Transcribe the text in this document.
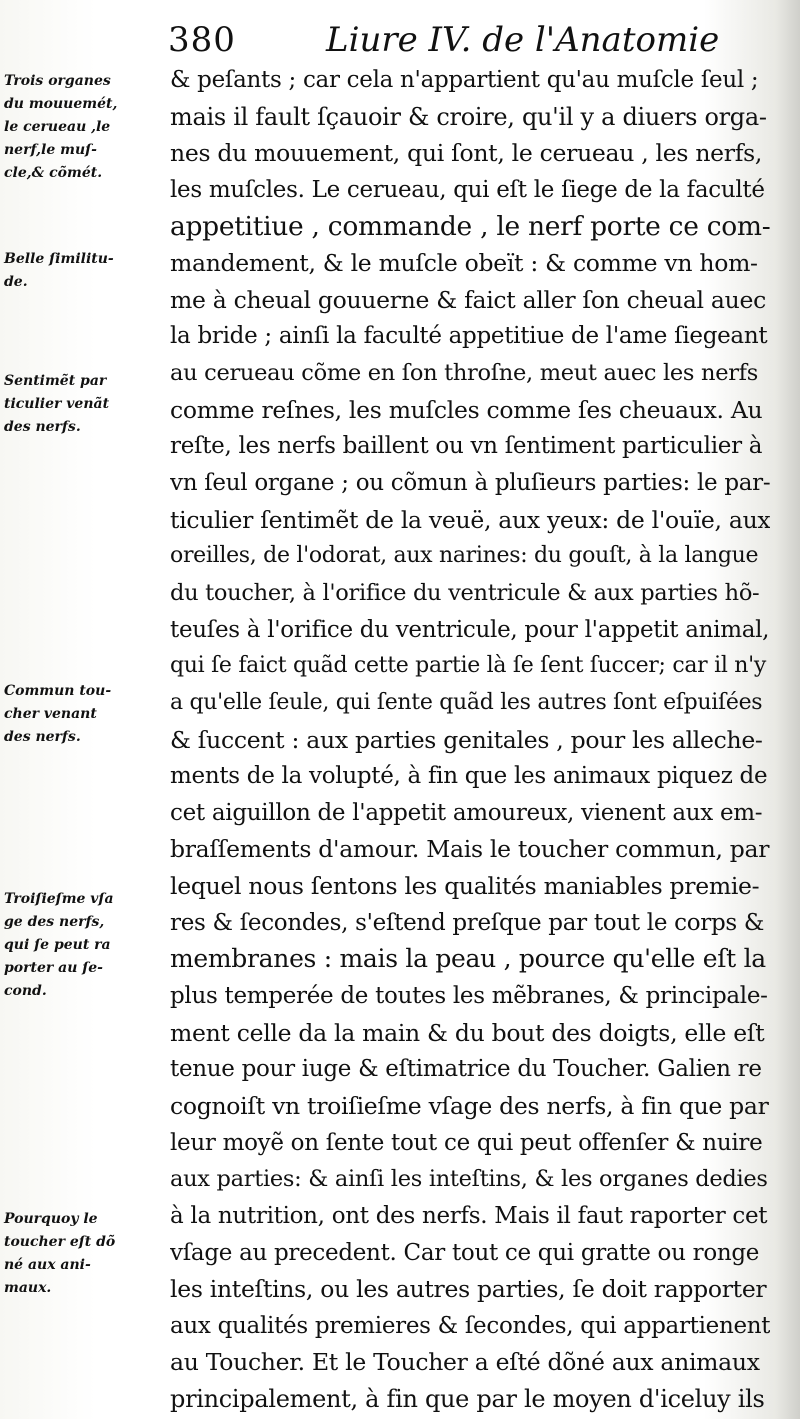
380	Liure IV. de l'Anatomie
Trois organes
du mouuemét,
le cerueau ,le
nerf,le muſ-
cle,& cõmét.
Belle ſimilitu-
de.
Sentimẽt par
ticulier venãt
des nerfs.
Commun tou-
cher venant
des nerfs.
Troiſieſme vſa
ge des nerfs,
qui ſe peut ra
porter au ſe-
cond.
Pourquoy le
toucher eſt dõ
né aux ani-
maux.
& peſants ; car cela n'appartient qu'au muſcle ſeul ;
mais il fault ſçauoir & croire, qu'il y a diuers orga-
nes du mouuement, qui ſont, le cerueau , les nerfs,
les muſcles. Le cerueau, qui eſt le ſiege de la faculté
appetitiue , commande , le nerf porte ce com-
mandement, & le muſcle obeït : & comme vn hom-
me à cheual gouuerne & faict aller ſon cheual auec
la bride ; ainſi la faculté appetitiue de l'ame ſiegeant
au cerueau cõme en ſon throſne, meut auec les nerfs
comme reſnes, les muſcles comme ſes cheuaux. Au
reſte, les nerfs baillent ou vn ſentiment particulier à
vn ſeul organe ; ou cõmun à pluſieurs parties: le par-
ticulier ſentimẽt de la veuë, aux yeux: de l'ouïe, aux
oreilles, de l'odorat, aux narines: du gouſt, à la langue
du toucher, à l'orifice du ventricule & aux parties hõ-
teuſes à l'orifice du ventricule, pour l'appetit animal,
qui ſe faict quãd cette partie là ſe ſent ſuccer; car il n'y
a qu'elle ſeule, qui ſente quãd les autres ſont eſpuiſées
& ſuccent : aux parties genitales , pour les alleche-
ments de la volupté, à fin que les animaux piquez de
cet aiguillon de l'appetit amoureux, vienent aux em-
braſſements d'amour. Mais le toucher commun, par
lequel nous ſentons les qualités maniables premie-
res & ſecondes, s'eſtend preſque par tout le corps &
membranes : mais la peau , pource qu'elle eſt la
plus temperée de toutes les mẽbranes, & principale-
ment celle da la main & du bout des doigts, elle eſt
tenue pour iuge & eſtimatrice du Toucher. Galien re
cognoiſt vn troiſieſme vſage des nerfs, à fin que par
leur moyẽ on ſente tout ce qui peut offenſer & nuire
aux parties: & ainſi les inteſtins, & les organes dedies
à la nutrition, ont des nerfs. Mais il faut raporter cet
vſage au precedent. Car tout ce qui gratte ou ronge
les inteſtins, ou les autres parties, ſe doit rapporter
aux qualités premieres & ſecondes, qui appartienent
au Toucher. Et le Toucher a eſté dõné aux animaux
principalement, à fin que par le moyen d'iceluy ils
